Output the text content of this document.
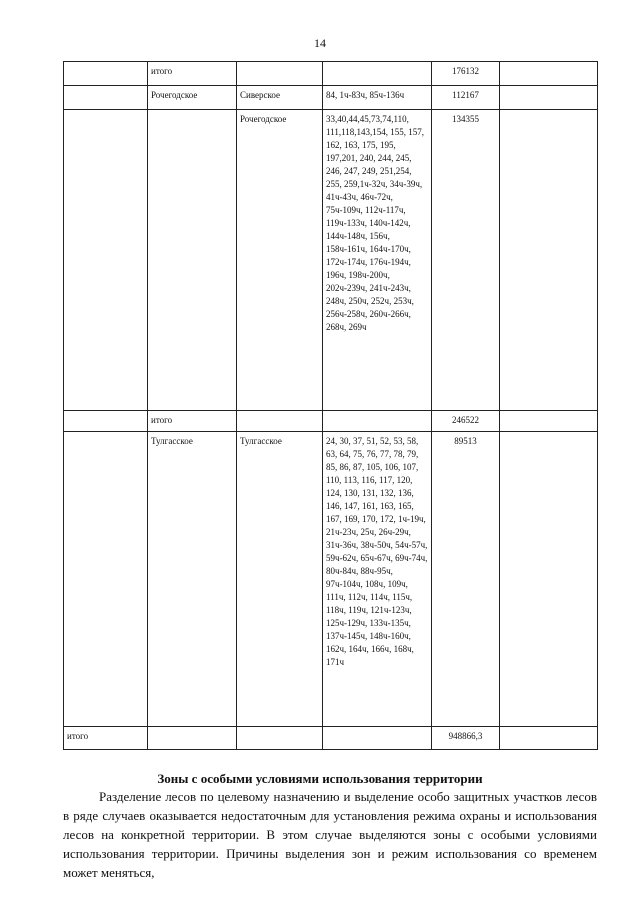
14
	итого			176132	
	Рочегодское	Сиверское	84, 1ч-83ч, 85ч-136ч	112167	
		Рочегодское	33,40,44,45,73,74,110, 111,118,143,154, 155, 157, 162, 163, 175, 195, 197,201, 240, 244, 245, 246, 247, 249, 251,254, 255, 259,1ч-32ч, 34ч-39ч, 41ч-43ч, 46ч-72ч, 75ч-109ч, 112ч-117ч, 119ч-133ч, 140ч-142ч, 144ч-148ч, 156ч, 158ч-161ч, 164ч-170ч, 172ч-174ч, 176ч-194ч, 196ч, 198ч-200ч, 202ч-239ч, 241ч-243ч, 248ч, 250ч, 252ч, 253ч, 256ч-258ч, 260ч-266ч, 268ч, 269ч	134355	
	итого			246522	
	Тулгасское	Тулгасское	24, 30, 37, 51, 52, 53, 58, 63, 64, 75, 76, 77, 78, 79, 85, 86, 87, 105, 106, 107, 110, 113, 116, 117, 120, 124, 130, 131, 132, 136, 146, 147, 161, 163, 165, 167, 169, 170, 172, 1ч-19ч, 21ч-23ч, 25ч, 26ч-29ч, 31ч-36ч, 38ч-50ч, 54ч-57ч, 59ч-62ч, 65ч-67ч, 69ч-74ч, 80ч-84ч, 88ч-95ч, 97ч-104ч, 108ч, 109ч, 111ч, 112ч, 114ч, 115ч, 118ч, 119ч, 121ч-123ч, 125ч-129ч, 133ч-135ч, 137ч-145ч, 148ч-160ч, 162ч, 164ч, 166ч, 168ч, 171ч	89513	
итого				948866,3	
Зоны с особыми условиями использования территории

Разделение лесов по целевому назначению и выделение особо защитных участков лесов в ряде случаев оказывается недостаточным для установления режима охраны и использования лесов на конкретной территории. В этом случае выделяются зоны с особыми условиями использования территории. Причины выделения зон и режим использования со временем может меняться,
